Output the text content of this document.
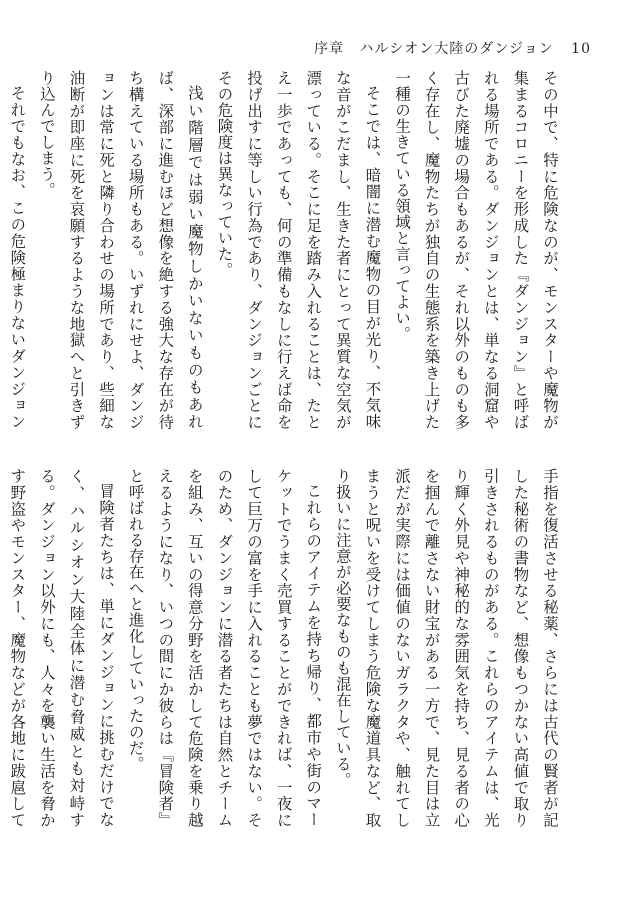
序章 ハルシオン大陸のダンジョン 10

その中で、特に危険なのが、モンスターや魔物が集まるコロニーを形成した『ダンジョン』と呼ばれる場所である。ダンジョンとは、単なる洞窟や古びた廃墟の場合もあるが、それ以外のものも多く存在し、魔物たちが独自の生態系を築き上げた一種の生きている領域と言ってよい。

そこでは、暗闇に潜む魔物の目が光り、不気味な音がこだまし、生きた者にとって異質な空気が漂っている。そこに足を踏み入れることは、たとえ一歩であっても、何の準備もなしに行えば命を投げ出すに等しい行為であり、ダンジョンごとにその危険度は異なっていた。

浅い階層では弱い魔物しかいないものもあれば、深部に進むほど想像を絶する強大な存在が待ち構えている場所もある。いずれにせよ、ダンジョンは常に死と隣り合わせの場所であり、些細な油断が即座に死を哀願するような地獄へと引きずり込んでしまう。

それでもなお、この危険極まりないダンジョン

手指を復活させる秘薬、さらには古代の賢者が記した秘術の書物など、想像もつかない高値で取り引きされるものがある。これらのアイテムは、光り輝く外見や神秘的な雰囲気を持ち、見る者の心を掴んで離さない財宝がある一方で、見た目は立派だが実際には価値のないガラクタや、触れてしまうと呪いを受けてしまう危険な魔道具など、取り扱いに注意が必要なものも混在している。

これらのアイテムを持ち帰り、都市や街のマーケットでうまく売買することができれば、一夜にして巨万の富を手に入れることも夢ではない。そのため、ダンジョンに潜る者たちは自然とチームを組み、互いの得意分野を活かして危険を乗り越えるようになり、いつの間にか彼らは『冒険者』と呼ばれる存在へと進化していったのだ。

冒険者たちは、単にダンジョンに挑むだけでなく、ハルシオン大陸全体に潜む脅威とも対峙する。ダンジョン以外にも、人々を襲い生活を脅かす野盗やモンスター、魔物などが各地に跋扈して
